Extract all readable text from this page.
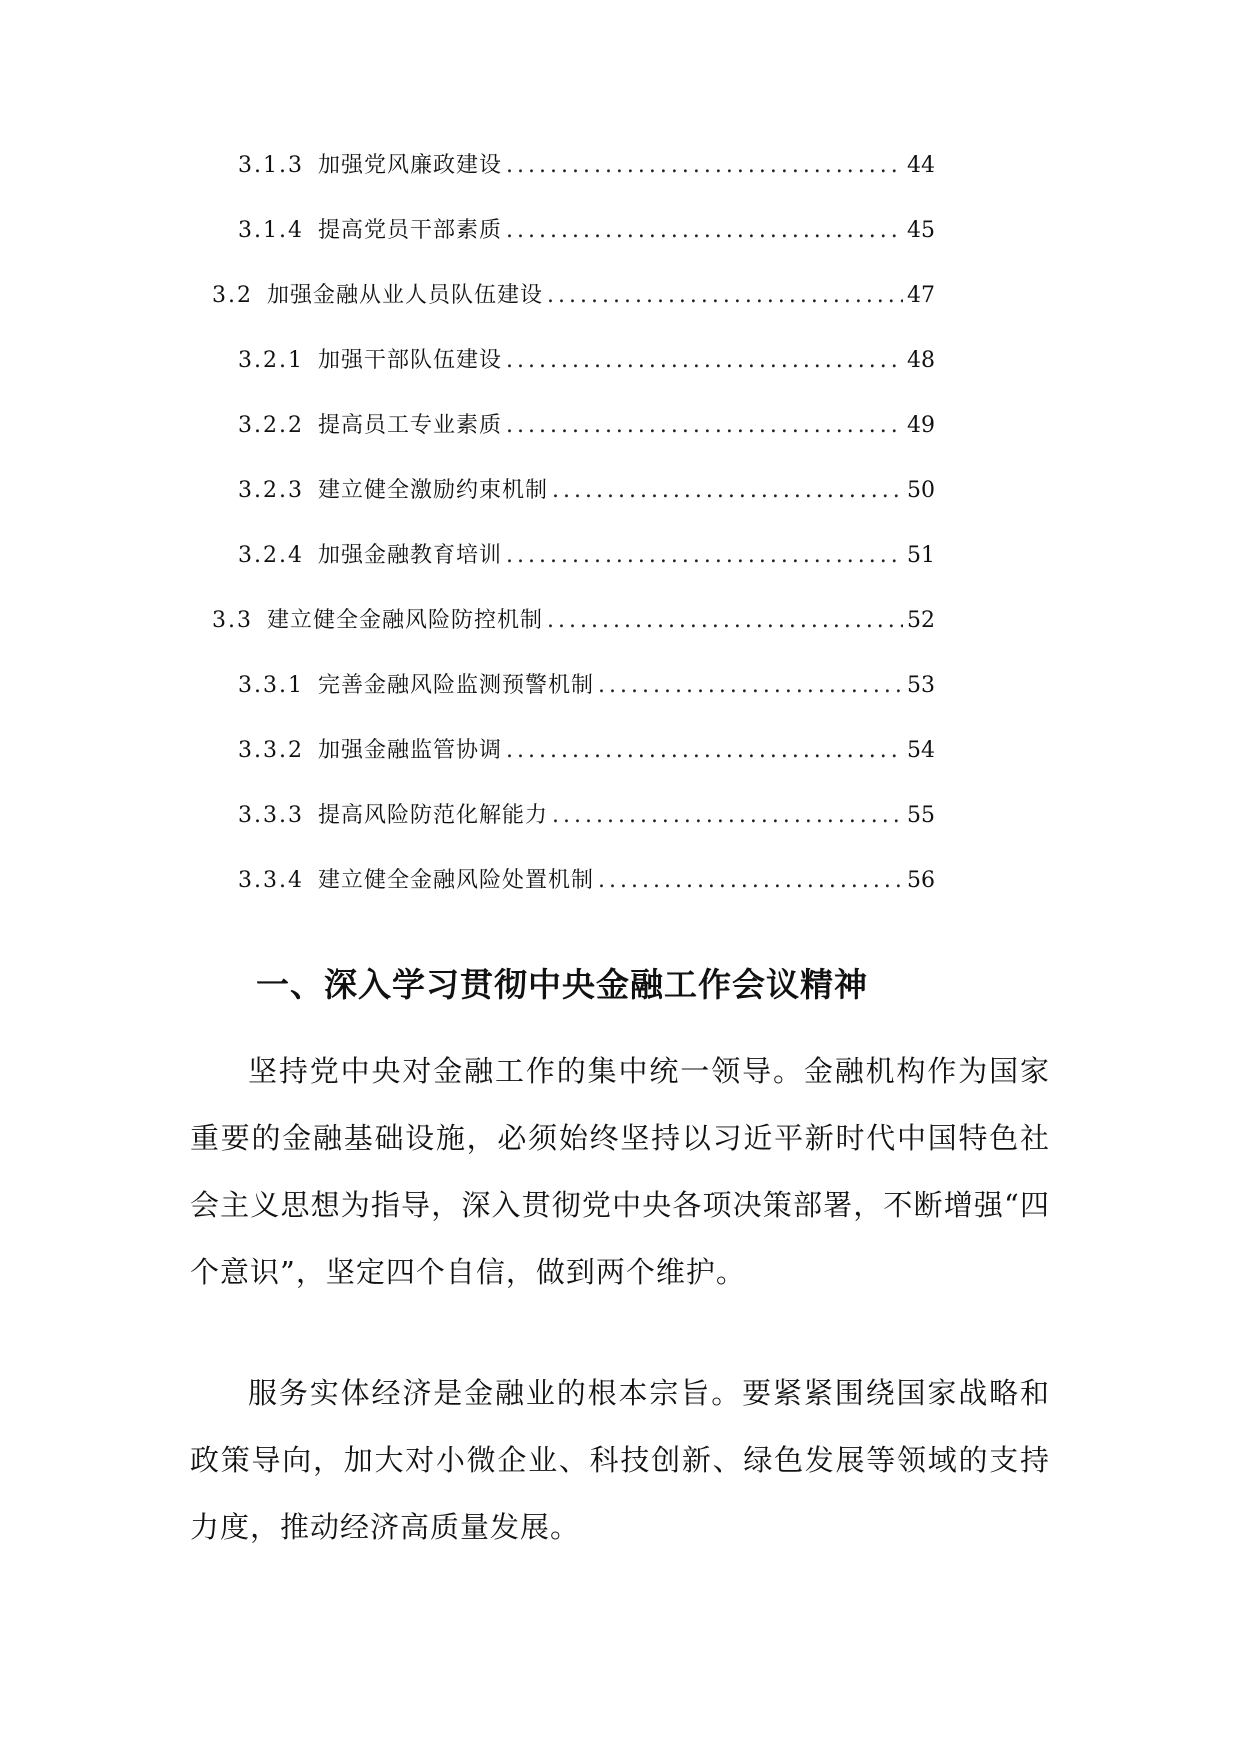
3.1.3 加强党风廉政建设 .....	44
3.1.4 提高党员干部素质 .....	45
3.2 加强金融从业人员队伍建设 .....	47
3.2.1 加强干部队伍建设 .....	48
3.2.2 提高员工专业素质 .....	49
3.2.3 建立健全激励约束机制 .....	50
3.2.4 加强金融教育培训 .....	51
3.3 建立健全金融风险防控机制 .....	52
3.3.1 完善金融风险监测预警机制 .....	53
3.3.2 加强金融监管协调 .....	54
3.3.3 提高风险防范化解能力 .....	55
3.3.4 建立健全金融风险处置机制 .....	56
一、深入学习贯彻中央金融工作会议精神

坚持党中央对金融工作的集中统一领导。金融机构作为国家重要的金融基础设施，必须始终坚持以习近平新时代中国特色社会主义思想为指导，深入贯彻党中央各项决策部署，不断增强“四个意识”，坚定四个自信，做到两个维护。

服务实体经济是金融业的根本宗旨。要紧紧围绕国家战略和政策导向，加大对小微企业、科技创新、绿色发展等领域的支持力度，推动经济高质量发展。
